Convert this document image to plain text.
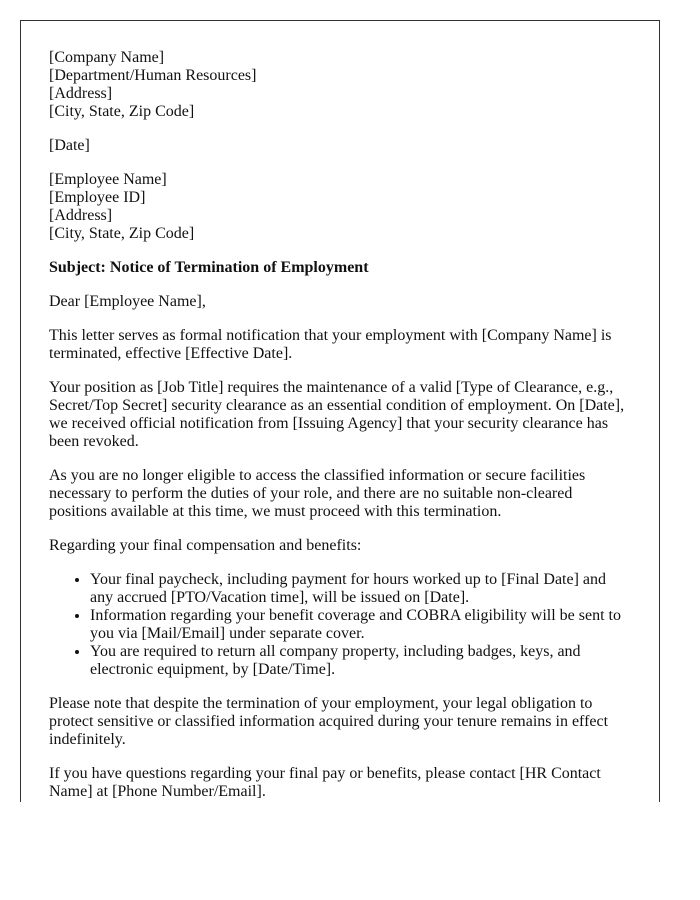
[Company Name]
[Department/Human Resources]
[Address]
[City, State, Zip Code]
[Date]
[Employee Name]
[Employee ID]
[Address]
[City, State, Zip Code]

Subject: Notice of Termination of Employment

Dear [Employee Name],

This letter serves as formal notification that your employment with [Company Name] is terminated, effective [Effective Date].

Your position as [Job Title] requires the maintenance of a valid [Type of Clearance, e.g., Secret/Top Secret] security clearance as an essential condition of employment. On [Date], we received official notification from [Issuing Agency] that your security clearance has been revoked.

As you are no longer eligible to access the classified information or secure facilities necessary to perform the duties of your role, and there are no suitable non-cleared positions available at this time, we must proceed with this termination.

Regarding your final compensation and benefits:

• Your final paycheck, including payment for hours worked up to [Final Date] and any accrued [PTO/Vacation time], will be issued on [Date].
• Information regarding your benefit coverage and COBRA eligibility will be sent to you via [Mail/Email] under separate cover.
• You are required to return all company property, including badges, keys, and electronic equipment, by [Date/Time].

Please note that despite the termination of your employment, your legal obligation to protect sensitive or classified information acquired during your tenure remains in effect indefinitely.

If you have questions regarding your final pay or benefits, please contact [HR Contact Name] at [Phone Number/Email].
